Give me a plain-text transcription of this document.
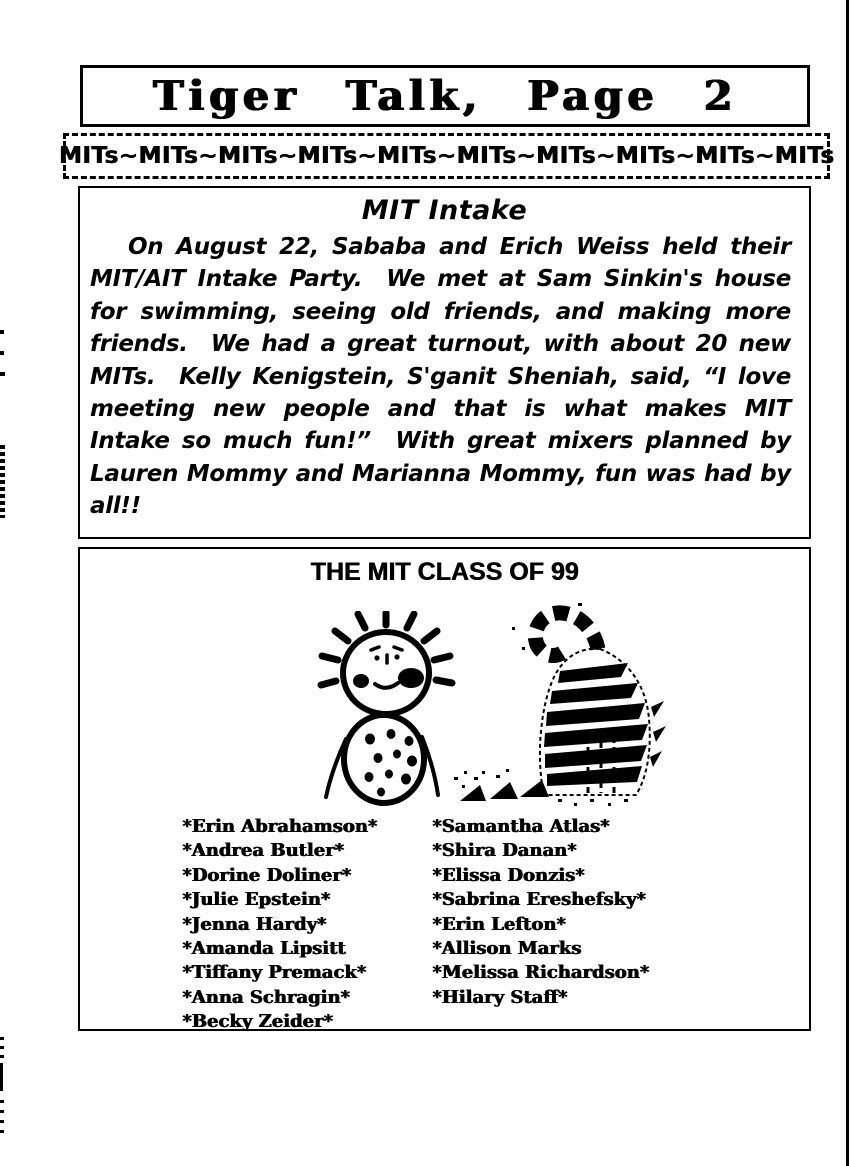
Tiger Talk, Page 2
MITs~MITs~MITs~MITs~MITs~MITs~MITs~MITs~MITs~MITs
MIT Intake

On August 22, Sababa and Erich Weiss held their MIT/AIT Intake Party.  We met at Sam Sinkin's house for swimming, seeing old friends, and making more friends.  We had a great turnout, with about 20 new MITs.  Kelly Kenigstein, S'ganit Sheniah, said, “I love meeting new people and that is what makes MIT Intake so much fun!”  With great mixers planned by Lauren Mommy and Marianna Mommy, fun was had by all!!

THE MIT CLASS OF 99
*Erin Abrahamson*
*Andrea Butler*
*Dorine Doliner*
*Julie Epstein*
*Jenna Hardy*
*Amanda Lipsitt
*Tiffany Premack*
*Anna Schragin*
*Becky Zeider*
*Samantha Atlas*
*Shira Danan*
*Elissa Donzis*
*Sabrina Ereshefsky*
*Erin Lefton*
*Allison Marks
*Melissa Richardson*
*Hilary Staff*
